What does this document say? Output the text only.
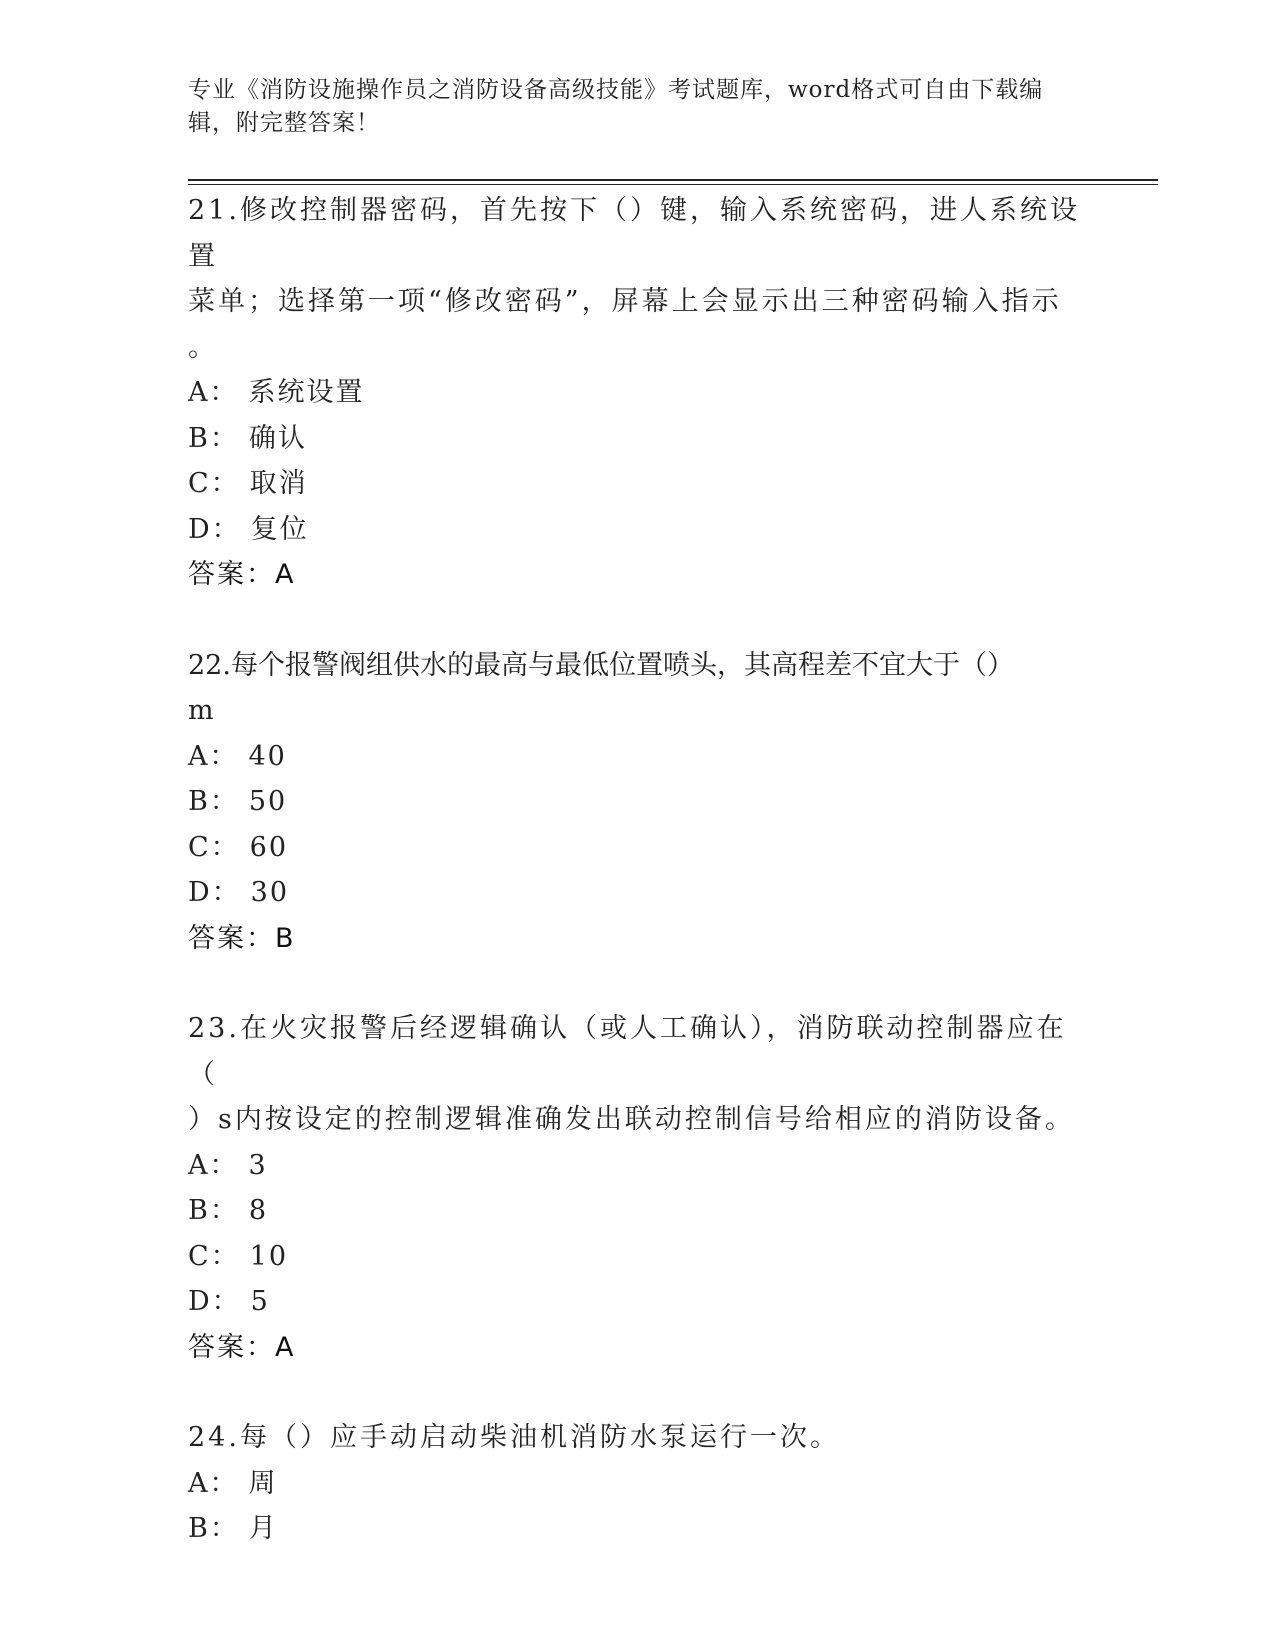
专业《消防设施操作员之消防设备高级技能》考试题库，word格式可自由下载编
辑，附完整答案！
21.修改控制器密码，首先按下（）键，输入系统密码，进人系统设置
菜单；选择第一项“修改密码”，屏幕上会显示出三种密码输入指示
。
A： 系统设置
B： 确认
C： 取消
D： 复位
答案：A
22.每个报警阀组供水的最高与最低位置喷头，其高程差不宜大于（）
m
A： 40
B： 50
C： 60
D： 30
答案：B
23.在火灾报警后经逻辑确认（或人工确认），消防联动控制器应在（
）s内按设定的控制逻辑准确发出联动控制信号给相应的消防设备。
A： 3
B： 8
C： 10
D： 5
答案：A
24.每（）应手动启动柴油机消防水泵运行一次。
A： 周
B： 月
